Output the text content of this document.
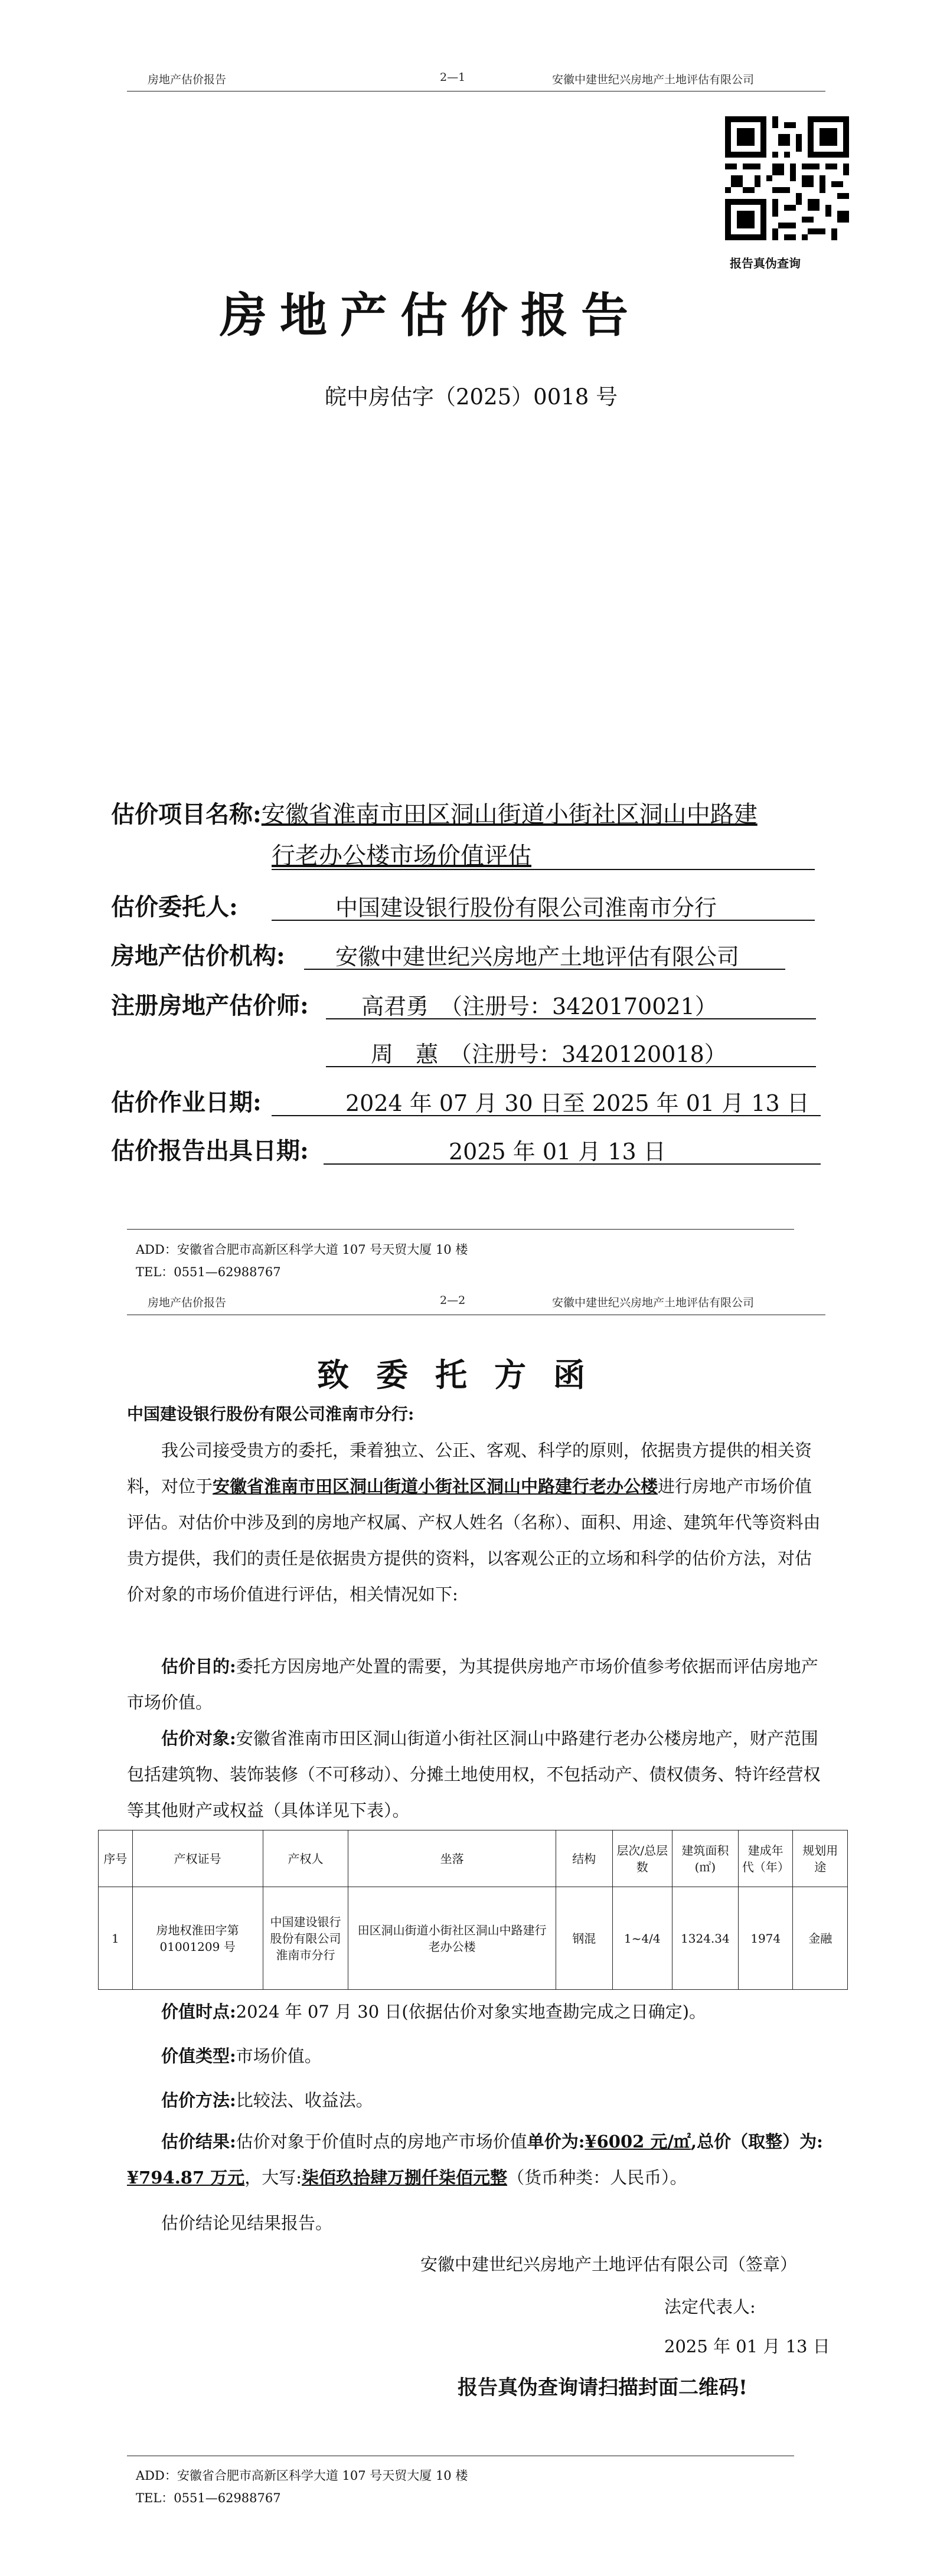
房地产估价报告	2—1	安徽中建世纪兴房地产土地评估有限公司
报告真伪查询
房地产估价报告
皖中房估字（2025）0018 号
估价项目名称:安徽省淮南市田区洞山街道小街社区洞山中路建
行老办公楼市场价值评估
估价委托人:	中国建设银行股份有限公司淮南市分行
房地产估价机构: 安徽中建世纪兴房地产土地评估有限公司
注册房地产估价师: 高君勇　（注册号：3420170021）
周　蕙　（注册号：3420120018）
估价作业日期:	2024 年 07 月 30 日至 2025 年 01 月 13 日
估价报告出具日期:	2025 年 01 月 13 日
ADD：安徽省合肥市高新区科学大道 107 号天贸大厦 10 楼
TEL：0551—62988767
房地产估价报告	2—2	安徽中建世纪兴房地产土地评估有限公司
致委托方函
中国建设银行股份有限公司淮南市分行:
我公司接受贵方的委托，秉着独立、公正、客观、科学的原则，依据贵方提供的相关资料，对位于安徽省淮南市田区洞山街道小街社区洞山中路建行老办公楼进行房地产市场价值评估。对估价中涉及到的房地产权属、产权人姓名（名称）、面积、用途、建筑年代等资料由贵方提供，我们的责任是依据贵方提供的资料，以客观公正的立场和科学的估价方法，对估价对象的市场价值进行评估，相关情况如下:
估价目的:委托方因房地产处置的需要，为其提供房地产市场价值参考依据而评估房地产市场价值。
估价对象:安徽省淮南市田区洞山街道小街社区洞山中路建行老办公楼房地产，财产范围包括建筑物、装饰装修（不可移动）、分摊土地使用权，不包括动产、债权债务、特许经营权等其他财产或权益（具体详见下表）。
序号	产权证号	产权人	坐落	结构	层次/总层数	建筑面积(㎡)	建成年代（年）	规划用途
1	房地权淮田字第 01001209 号	中国建设银行股份有限公司淮南市分行	田区洞山街道小街社区洞山中路建行老办公楼	钢混	1~4/4	1324.34	1974	金融
价值时点:2024 年 07 月 30 日(依据估价对象实地查勘完成之日确定)。
价值类型:市场价值。
估价方法:比较法、收益法。
估价结果:估价对象于价值时点的房地产市场价值单价为:¥6002 元/㎡,总价（取整）为:¥794.87 万元，大写:柒佰玖拾肆万捌仟柒佰元整（货币种类：人民币）。
估价结论见结果报告。
安徽中建世纪兴房地产土地评估有限公司（签章）
法定代表人:
2025 年 01 月 13 日
报告真伪查询请扫描封面二维码!
ADD：安徽省合肥市高新区科学大道 107 号天贸大厦 10 楼
TEL：0551—62988767
